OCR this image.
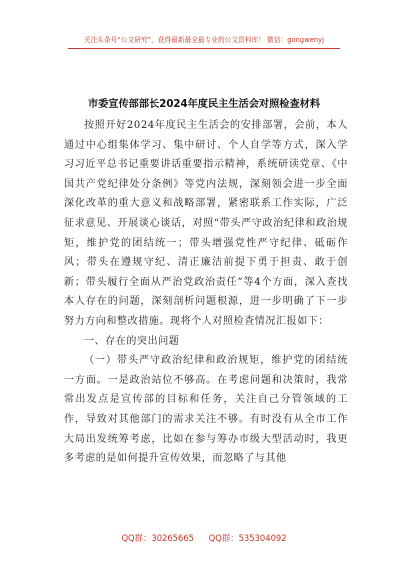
关注头条号“公文研究”，获得最新最全最专业的公文资料库！ 微信：gongwenyj
市委宣传部部长2024年度民主生活会对照检查材料

按照开好2024年度民主生活会的安排部署，会前，本人通过中心组集体学习、集中研讨、个人自学等方式，深入学习习近平总书记重要讲话重要指示精神，系统研读党章、《中国共产党纪律处分条例》等党内法规，深刻领会进一步全面深化改革的重大意义和战略部署，紧密联系工作实际，广泛征求意见、开展谈心谈话，对照“带头严守政治纪律和政治规矩，维护党的团结统一；带头增强党性严守纪律、砥砺作风；带头在遵规守纪、清正廉洁前提下勇于担责、敢于创新；带头履行全面从严治党政治责任”等4个方面，深入查找本人存在的问题，深刻剖析问题根源，进一步明确了下一步努力方向和整改措施。现将个人对照检查情况汇报如下：

一、存在的突出问题

（一）带头严守政治纪律和政治规矩，维护党的团结统一方面。一是政治站位不够高。在考虑问题和决策时，我常常出发点是宣传部的目标和任务，关注自己分管领域的工作，导致对其他部门的需求关注不够。有时没有从全市工作大局出发统筹考虑，比如在参与筹办市级大型活动时，我更多考虑的是如何提升宣传效果，而忽略了与其他

QQ群：30265665 QQ群：535304092
